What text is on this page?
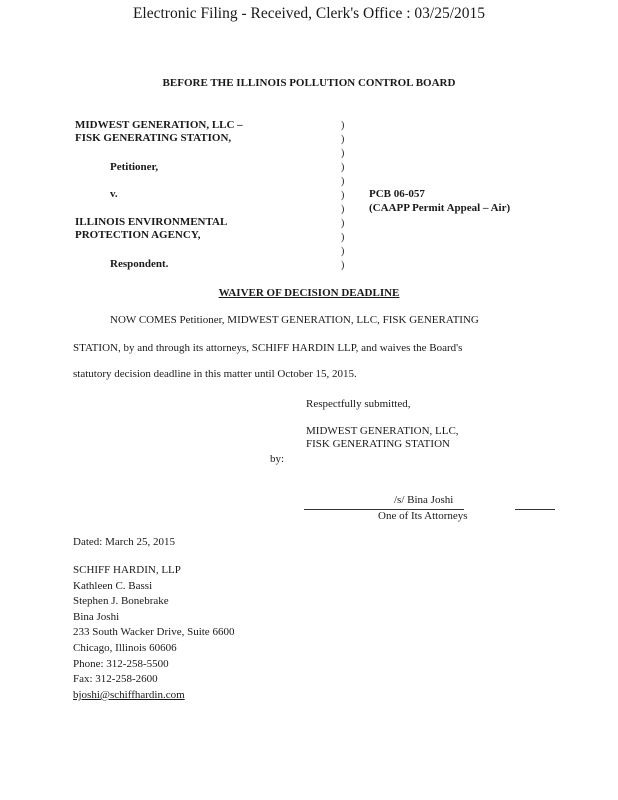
Electronic Filing - Received, Clerk's Office : 03/25/2015
BEFORE THE ILLINOIS POLLUTION CONTROL BOARD
MIDWEST GENERATION, LLC –
FISK GENERATING STATION,
Petitioner,
v.
ILLINOIS ENVIRONMENTAL
PROTECTION AGENCY,
Respondent.
)
)
)
)
)
)
)
)
)
)
)
PCB 06-057
(CAAPP Permit Appeal – Air)
WAIVER OF DECISION DEADLINE
NOW COMES Petitioner, MIDWEST GENERATION, LLC, FISK GENERATING
STATION, by and through its attorneys, SCHIFF HARDIN LLP, and waives the Board's
statutory decision deadline in this matter until October 15, 2015.
Respectfully submitted,
MIDWEST GENERATION, LLC,
FISK GENERATING STATION
by:
/s/ Bina Joshi
One of Its Attorneys
Dated: March 25, 2015
SCHIFF HARDIN, LLP
Kathleen C. Bassi
Stephen J. Bonebrake
Bina Joshi
233 South Wacker Drive, Suite 6600
Chicago, Illinois 60606
Phone: 312-258-5500
Fax: 312-258-2600
bjoshi@schiffhardin.com
